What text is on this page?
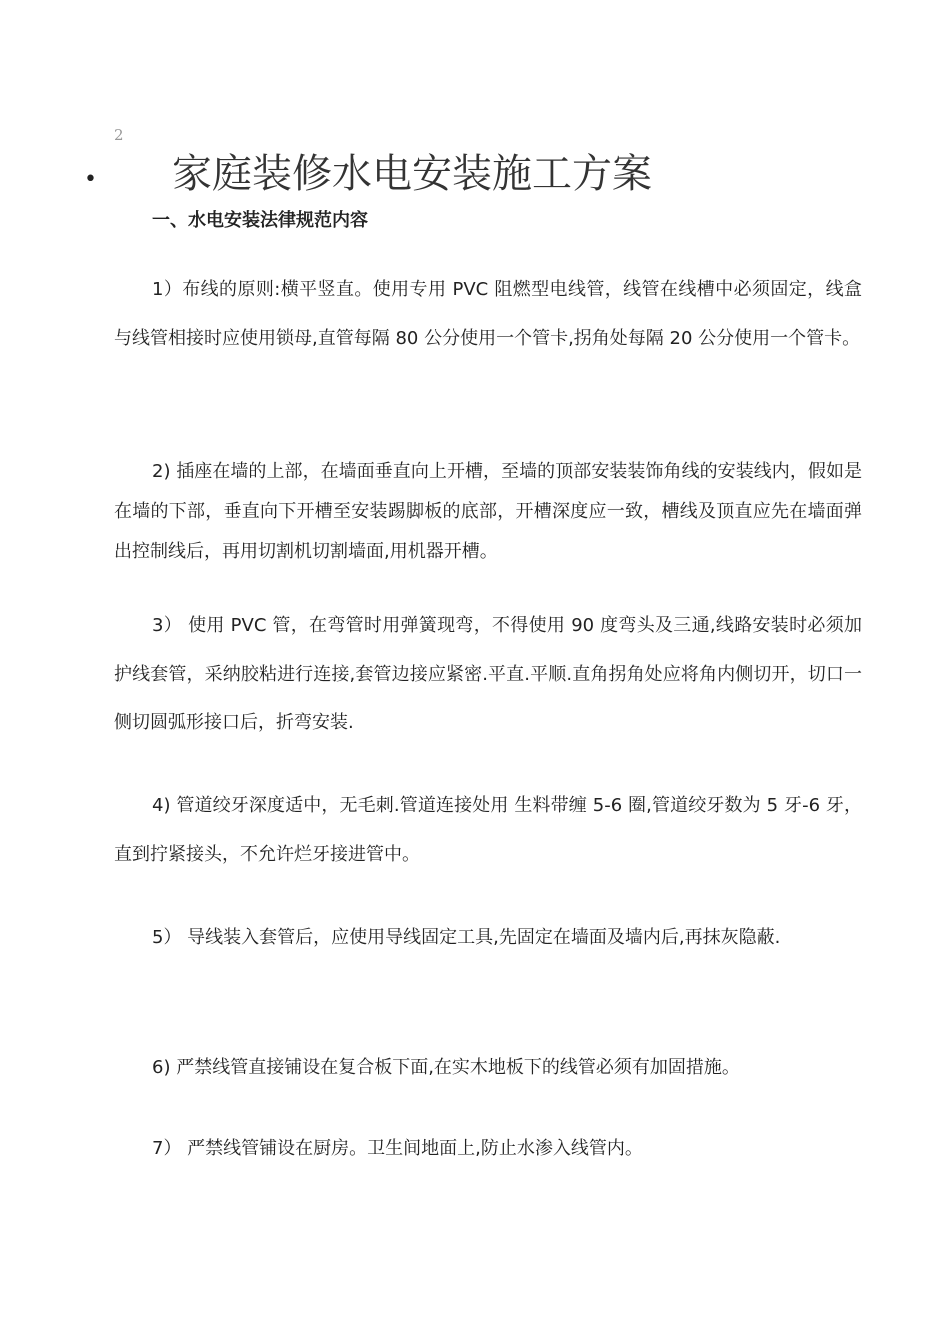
2
• 家庭装修水电安装施工方案
一、水电安装法律规范内容

1）布线的原则:横平竖直。使用专用 PVC 阻燃型电线管，线管在线槽中必须固定，线盒与线管相接时应使用锁母,直管每隔 80 公分使用一个管卡,拐角处每隔 20 公分使用一个管卡。

2) 插座在墙的上部，在墙面垂直向上开槽，至墙的顶部安装装饰角线的安装线内，假如是在墙的下部，垂直向下开槽至安装踢脚板的底部，开槽深度应一致，槽线及顶直应先在墙面弹出控制线后，再用切割机切割墙面,用机器开槽。

3） 使用 PVC 管，在弯管时用弹簧现弯，不得使用 90 度弯头及三通,线路安装时必须加护线套管，采纳胶粘进行连接,套管边接应紧密.平直.平顺.直角拐角处应将角内侧切开，切口一侧切圆弧形接口后，折弯安装.

4) 管道绞牙深度适中，无毛刺.管道连接处用 生料带缠 5-6 圈,管道绞牙数为 5 牙-6 牙，直到拧紧接头，不允许烂牙接进管中。

5） 导线装入套管后，应使用导线固定工具,先固定在墙面及墙内后,再抹灰隐蔽.

6) 严禁线管直接铺设在复合板下面,在实木地板下的线管必须有加固措施。

7） 严禁线管铺设在厨房。卫生间地面上,防止水渗入线管内。
